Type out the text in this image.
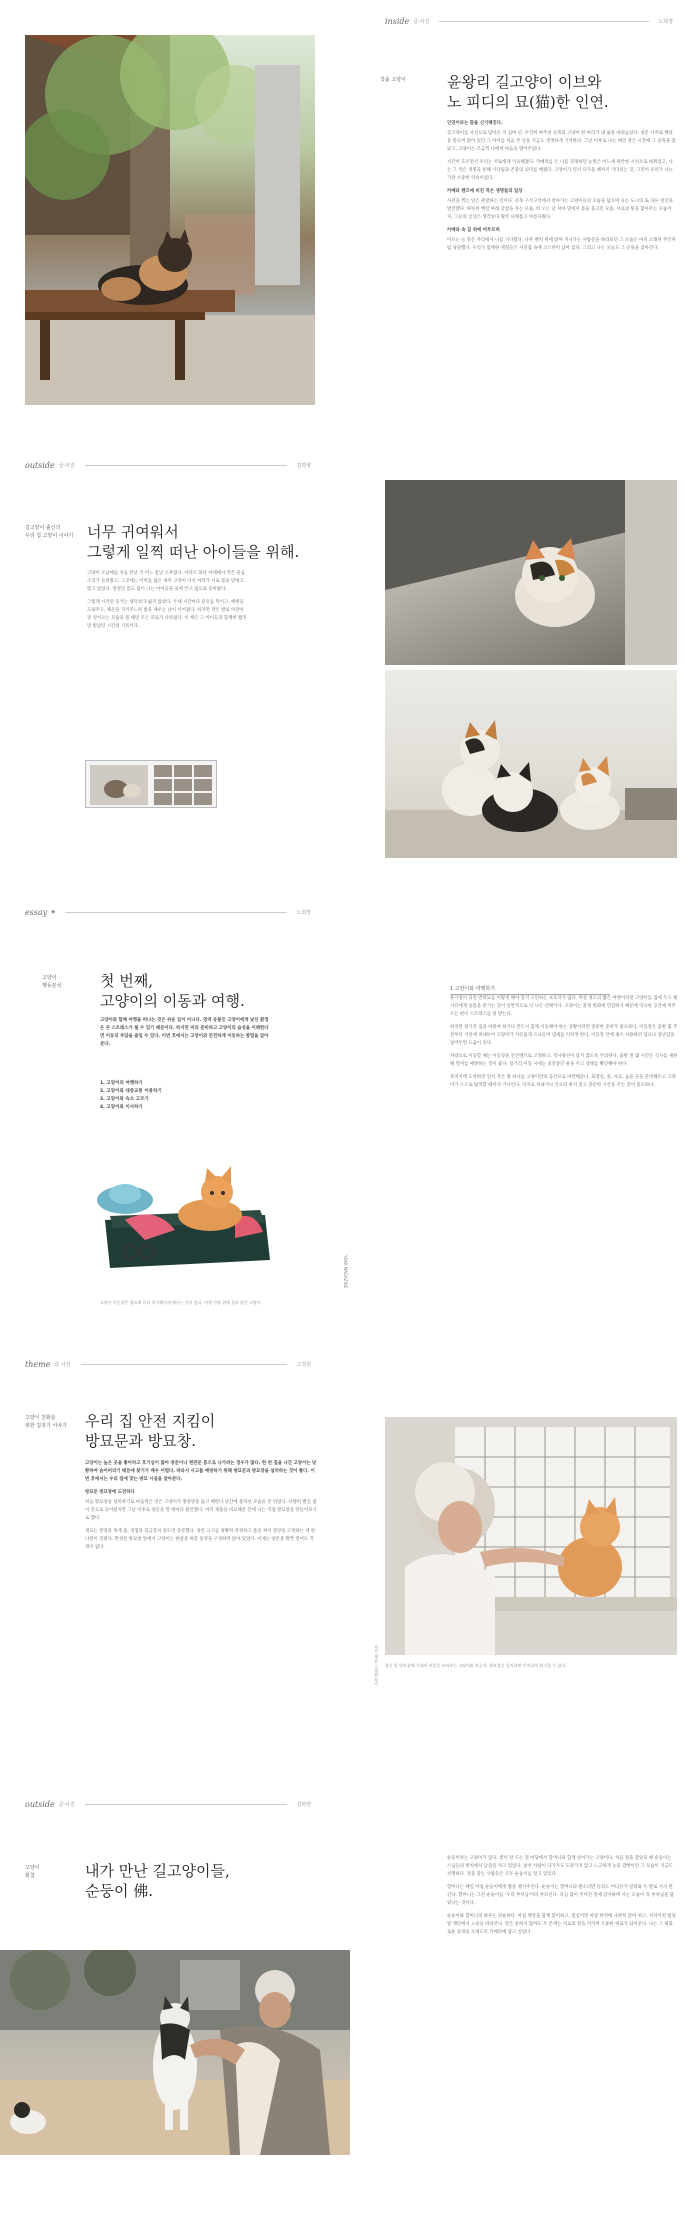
inside 글·사진	노희정
작품 고양이	윤왕리 길고양이 이브와
노 피디의 묘(猫)한 인연.
인연이라는 말을 신기해진다.

길고양이를 사진으로 담아온 지 십여 년. 우연히 마주친 골목의 고양이 한 마리가 내 삶을 바꿔놓았다. 창문 너머로 햇살을 받으며 앉아 있던 그 아이를 처음 본 날을 지금도 생생하게 기억한다. 그날 이후로 나는 매일 같은 시간에 그 골목을 찾았고, 고양이는 조금씩 나에게 마음을 열어주었다.

시간이 흐르면서 우리는 서로에게 익숙해졌다. 카메라를 든 나를 경계하던 눈빛은 어느새 편안한 시선으로 바뀌었고, 나는 그 작은 생명을 통해 기다림과 존중의 의미를 배웠다. 고양이가 먼저 다가올 때까지 기다리는 것, 그것이 우리가 나눈 가장 소중한 약속이었다.

카메라 렌즈에 비친 작은 생명들의 일상

사진을 찍는 일은 관찰하는 일이다. 골목 구석구석에서 살아가는 고양이들의 모습을 담으며 나는 도시의 또 다른 얼굴을 발견했다. 따뜻한 햇살 아래 낮잠을 자는 모습, 비 오는 날 처마 밑에서 몸을 웅크린 모습, 서로의 털을 핥아주는 모습까지. 그들의 일상은 생각보다 훨씬 다채롭고 아름다웠다.

카메라 속 길 위에 머무르며

이브는 늘 같은 자리에서 나를 기다렸다. 나무 벤치 위에 앉아 지나가는 사람들을 바라보던 그 모습은 마치 오래된 주인처럼 당당했다. 우리가 함께한 계절들은 사진첩 속에 고스란히 남아 있다. 그리고 나는 오늘도 그 골목을 찾아간다.

outside 글·사진	김하영
길고양이 출신의
우리 집 고양이 이야기 너무 귀여워서
그렇게 일찍 떠난 아이들을 위해.

고양이 오남매를 처음 만난 건 어느 봄날 오후였다. 아파트 화단 아래에서 작은 울음소리가 들려왔고, 그곳에는 어미를 잃은 새끼 고양이 다섯 마리가 서로 몸을 맞대고 떨고 있었다. 망설일 틈도 없이 나는 아이들을 품에 안고 집으로 돌아왔다.

그렇게 시작된 동거는 생각보다 쉽지 않았다. 두세 시간마다 분유를 먹이고, 배변을 도와주고, 체온을 지켜주느라 밤을 새우는 날이 이어졌다. 하지만 작은 발로 아장아장 걸어오는 모습을 볼 때면 모든 피로가 사라졌다. 이 책은 그 아이들과 함께한 짧지만 빛났던 시간의 기록이다.

essay ◆	노희정
고양이
행동분석	첫 번째,
고양이의 이동과 여행.
고양이와 함께 여행을 떠나는 것은 쉬운 일이 아니다. 영역 동물인 고양이에게 낯선 환경은 큰 스트레스가 될 수 있기 때문이다. 하지만 미리 준비하고 고양이의 습성을 이해한다면 이동의 부담을 줄일 수 있다. 이번 호에서는 고양이와 안전하게 이동하는 방법을 알아본다.
1. 고양이의 여행하기
2. 고양이와 대중교통 이용하기
3. 고양이와 숙소 고르기
4. 고양이와 이사하기
고양이 이동장은 평소에 미리 익숙해지게 해두는 것이 좋다. 여행 가방 위에 올라 앉은 고양이.
YEAR MAGAZINE
1 고양이와 여행하기

휴가철이 되면 반려묘를 어떻게 해야 할지 고민하는 보호자가 많다. 며칠 정도의 짧은 여행이라면 고양이를 집에 두고 펫시터에게 돌봄을 맡기는 것이 일반적으로 더 나은 선택이다. 고양이는 환경 변화에 민감하기 때문에 익숙한 공간에 머무르는 편이 스트레스를 덜 받는다.

하지만 장기간 집을 비워야 하거나 반드시 함께 이동해야 하는 상황이라면 충분한 준비가 필요하다. 이동장은 출발 몇 주 전부터 거실에 꺼내두어 고양이가 자유롭게 드나들며 냄새를 익히게 한다. 이동장 안에 평소 사용하던 담요나 장난감을 넣어두면 도움이 된다.

차량으로 이동할 때는 이동장을 안전벨트로 고정하고, 직사광선이 닿지 않도록 주의한다. 출발 전 몇 시간은 식사를 제한해 멀미를 예방하는 것이 좋다. 장거리 이동 시에는 중간중간 물을 주고 상태를 확인해야 한다.

목적지에 도착하면 먼저 작은 방 하나를 고양이만의 공간으로 마련해준다. 화장실, 물, 사료, 숨을 곳을 준비해두고 고양이가 스스로 탐색할 때까지 기다린다. 억지로 꺼내거나 안으려 하지 말고 충분한 시간을 주는 것이 중요하다.

theme 글·사진	고경원
고양이 친화를
위한 집짓기 이야기	우리 집 안전 지킴이
방묘문과 방묘창.

고양이는 높은 곳을 좋아하고 호기심이 많아 창문이나 현관문 틈으로 나가려는 경우가 많다. 한 번 집을 나간 고양이는 당황하여 숨어버리기 때문에 찾기가 매우 어렵다. 따라서 사고를 예방하기 위해 방묘문과 방묘창을 설치하는 것이 좋다. 이번 호에서는 우리 집에 맞는 방묘 시설을 알아본다.

방묘문 방묘창에 도전하다

처음 방묘창을 설치하기로 마음먹은 것은 고양이가 방충망을 뚫고 베란다 난간에 올라선 모습을 본 뒤였다. 다행히 별일 없이 안으로 들어왔지만 그날 이후로 창문을 열 때마다 불안했다. 여러 제품을 비교해본 끝에 나는 직접 방묘창을 만들어보기로 했다.

재료는 철망과 목재 틀, 경첩과 잠금장치 정도면 충분했다. 창문 크기를 정확히 측정하고 틀을 짜서 철망을 고정하는 데 한나절이 걸렸다. 완성된 방묘창 앞에서 고양이는 한참을 바깥 풍경을 구경하며 앉아 있었다. 이제는 창문을 활짝 열어도 걱정이 없다.

사진 제공: 고경원 작가 창문 앞 방묘창에 기대어 바깥을 바라보는 고양이와 보호자. 방묘창을 설치하면 안전하게 환기할 수 있다.
outside 글·사진	김하연
고양이
화첩	내가 만난 길고양이들,
순둥이 佛.

순둥이라는 고양이가 있다. 볕이 잘 드는 절 마당에서 할머니와 함께 살아가는 고양이다. 처음 절을 찾았을 때 순둥이는 스님들의 발치에서 낮잠을 자고 있었다. 낯선 사람이 다가가도 도망가지 않고 느긋하게 눈을 깜빡이던 그 모습이 지금도 선명하다. 절을 찾는 사람들은 모두 순둥이를 알고 있었다.

할머니는 매일 아침 순둥이에게 밥을 챙겨주신다. 순둥이는 할머니의 발소리만 들려도 어디선가 달려와 두 발로 서서 반긴다. 할머니는 그런 순둥이를 '우리 부처님'이라 부르신다. 욕심 없이 주어진 것에 감사하며 사는 모습이 꼭 부처님을 닮았다는 것이다.

순둥이와 할머니의 하루는 단순하다. 아침 햇살을 함께 맞이하고, 점심이면 마당 한켠에 나란히 앉아 쉬고, 저녁이면 법당 앞 계단에서 노을을 바라본다. 말은 통하지 않아도 두 존재는 서로의 곁을 지키며 조용한 위로가 되어준다. 나는 그 평화로운 풍경을 오래도록 카메라에 담고 싶었다.
